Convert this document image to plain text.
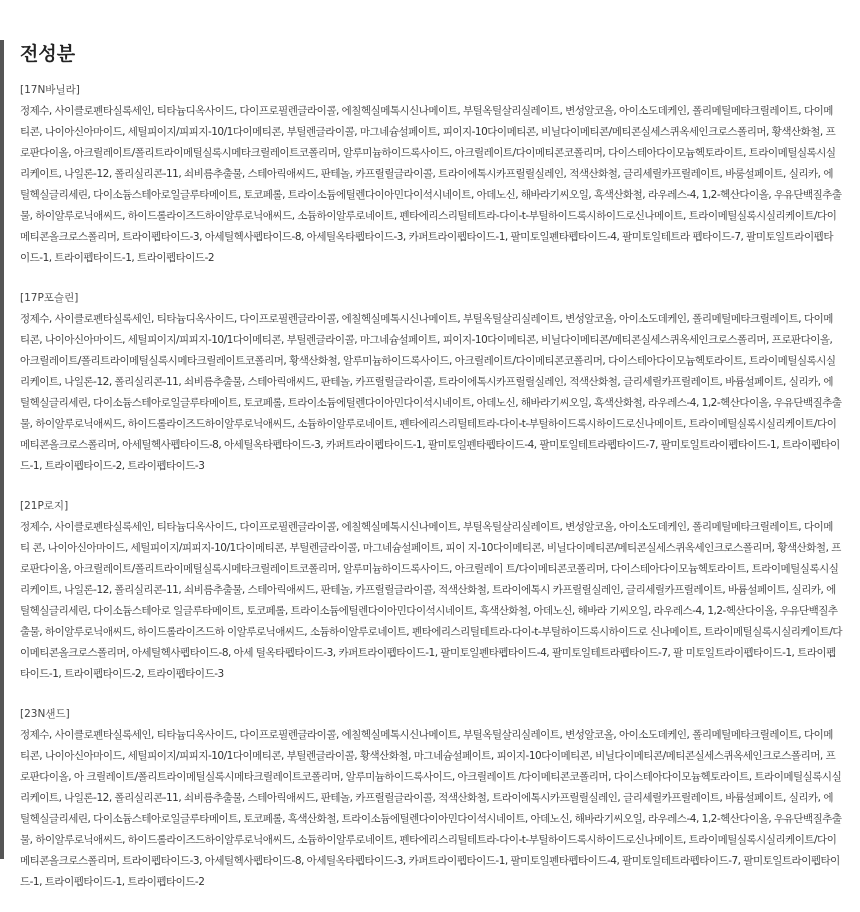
전성분

[17N바닐라]

정제수, 사이클로펜타실록세인, 티타늄디옥사이드, 다이프로필렌글라이콜, 에칠헥실메톡시신나메이트, 부틸옥틸살리실레이트, 변성알코올, 아이소도데케인, 폴리메틸메타크릴레이트, 다이메티콘, 나이아신아마이드, 세틸피이지/피피지-10/1다이메티콘, 부틸렌글라이콜, 마그네슘설페이트, 피이지-10다이메티콘, 비닐다이메티콘/메티콘실세스퀴옥세인크로스폴리머, 황색산화철, 프로판다이올, 아크릴레이트/폴리트라이메틸실록시메타크릴레이트코폴리머, 알루미늄하이드록사이드, 아크릴레이트/다이메티콘코폴리머, 다이스테아다이모늄헥토라이트, 트라이메틸실록시실리케이트, 나일론-12, 폴리실리콘-11, 쇠비름추출물, 스테아릭애씨드, 판테놀, 카프릴릴글라이콜, 트라이에톡시카프릴릴실레인, 적색산화철, 글리세릴카프릴레이트, 바룸설페이트, 실리카, 에틸헥실글리세린, 다이소듐스테아로일글루타메이트, 토코페롤, 트라이소듐에틸렌다이아민다이석시네이트, 아데노신, 해바라기씨오일, 흑색산화철, 라우레스-4, 1,2-헥산다이올, 우유단백질추출물, 하이알루로닉애씨드, 하이드롤라이즈드하이알루로닉애씨드, 소듐하이알루로네이트, 펜타에리스리틸테트라-다이-t-부틸하이드록시하이드로신나메이트, 트라이메틸실록시실리케이트/다이메티콘올크로스폴리머, 트라이펩타이드-3, 아세틸헥사펩타이드-8, 아세틸옥타펩타이드-3, 카퍼트라이펩타이드-1, 팔미토일펜타펩타이드-4, 팔미토일테트라 펩타이드-7, 팔미토일트라이펩타이드-1, 트라이펩타이드-1, 트라이펩타이드-2

[17P포슬린]

정제수, 사이클로펜타실록세인, 티타늄디옥사이드, 다이프로필렌글라이콜, 에칠헥실메톡시신나메이트, 부틸옥틸살리실레이트, 변성알코올, 아이소도데케인, 폴리메틸메타크릴레이트, 다이메티콘, 나이아신아마이드, 세틸피이지/피피지-10/1다이메티콘, 부틸렌글라이콜, 마그네슘설페이트, 피이지-10다이메티콘, 비닐다이메티콘/메티콘실세스퀴옥세인크로스폴리머, 프로판다이올, 아크릴레이트/폴리트라이메틸실록시메타크릴레이트코폴리머, 황색산화철, 알루미늄하이드록사이드, 아크릴레이트/다이메티콘코폴리머, 다이스테아다이모늄헥토라이트, 트라이메틸실록시실리케이트, 나일론-12, 폴리실리콘-11, 쇠비름추출물, 스테아릭애씨드, 판테놀, 카프릴릴글라이콜, 트라이에톡시카프릴릴실레인, 적색산화철, 글리세릴카프릴레이트, 바륨설페이트, 실리카, 에틸헥실글리세린, 다이소듐스테아로일글루타메이트, 토코페롤, 트라이소듐에틸렌다이아민다이석시네이트, 아데노신, 해바라기씨오일, 흑색산화철, 라우레스-4, 1,2-헥산다이올, 우유단백질추출물, 하이알루로닉애씨드, 하이드롤라이즈드하이알루로닉애씨드, 소듐하이알루로네이트, 펜타에리스리틸테트라-다이-t-부틸하이드록시하이드로신나메이트, 트라이메틸실록시실리케이트/다이메티콘올크로스폴리머, 아세틸헥사펩타이드-8, 아세틸옥타펩타이드-3, 카퍼트라이펩타이드-1, 팔미토일펜타펩타이드-4, 팔미토일테트라펩타이드-7, 팔미토일트라이펩타이드-1, 트라이펩타이드-1, 트라이펩타이드-2, 트라이펩타이드-3

[21P로지]

정제수, 사이클로펜타실록세인, 티타늄디옥사이드, 다이프로필렌글라이콜, 에칠헥실메톡시신나메이트, 부틸옥틸살리실레이트, 변성알코올, 아이소도데케인, 폴리메틸메타크릴레이트, 다이메티 콘, 나이아신아마이드, 세틸피이지/피피지-10/1다이메티콘, 부틸렌글라이콜, 마그네슘설페이트, 피이 지-10다이메티콘, 비닐다이메티콘/메티콘실세스퀴옥세인크로스폴리머, 황색산화철, 프로판다이올, 아크릴레이트/폴리트라이메틸실록시메타크릴레이트코폴리머, 알루미늄하이드록사이드, 아크릴레이 트/다이메티콘코폴리머, 다이스테아다이모늄헥토라이트, 트라이메틸실록시실리케이트, 나일론-12, 폴리실리콘-11, 쇠비름추출물, 스테아릭애씨드, 판테놀, 카프릴릴글라이콜, 적색산화철, 트라이에톡시 카프릴릴실레인, 글리세릴카프릴레이트, 바륨설페이트, 실리카, 에틸헥실글리세린, 다이소듐스테아로 일글루타메이트, 토코페롤, 트라이소듐에틸렌다이아민다이석시네이트, 흑색산화철, 아데노신, 해바라 기씨오일, 라우레스-4, 1,2-헥산다이올, 우유단백질추출물, 하이알루로닉애씨드, 하이드롤라이즈드하 이알루로닉애씨드, 소듐하이알루로네이트, 펜타에리스리틸테트라-다이-t-부틸하이드록시하이드로 신나메이트, 트라이메틸실록시실리케이트/다이메티콘올크로스폴리머, 아세틸헥사펩타이드-8, 아세 틸옥타펩타이드-3, 카퍼트라이펩타이드-1, 팔미토일펜타펩타이드-4, 팔미토일테트라펩타이드-7, 팔 미토일트라이펩타이드-1, 트라이펩타이드-1, 트라이펩타이드-2, 트라이펩타이드-3

[23N샌드]

정제수, 사이클로펜타실록세인, 티타늄디옥사이드, 다이프로필렌글라이콜, 에칠헥실메톡시신나메이트, 부틸옥틸살리실레이트, 변성알코올, 아이소도데케인, 폴리메틸메타크릴레이트, 다이메티콘, 나이아신아마이드, 세틸피이지/피피지-10/1다이메티콘, 부틸렌글라이콜, 황색산화철, 마그네슘설페이트, 피이지-10다이메티콘, 비닐다이메티콘/메티콘실세스퀴옥세인크로스폴리머, 프로판다이올, 아 크릴레이트/폴리트라이메틸실록시메타크릴레이트코폴리머, 알루미늄하이드록사이드, 아크릴레이트 /다이메티콘코폴리머, 다이스테아다이모늄헥토라이트, 트라이메틸실록시실리케이트, 나일론-12, 폴리실리콘-11, 쇠비름추출물, 스테아릭애씨드, 판테놀, 카프릴릴글라이콜, 적색산화철, 트라이에톡시카프릴릴실레인, 글리세릴카프릴레이트, 바륨설페이트, 실리카, 에틸헥실글리세린, 다이소듐스테아로일글루타메이트, 토코페롤, 흑색산화철, 트라이소듐에틸렌다이아민다이석시네이트, 아데노신, 해바라기씨오일, 라우레스-4, 1,2-헥산다이올, 우유단백질추출물, 하이알루로닉애씨드, 하이드롤라이즈드하이알루로닉애씨드, 소듐하이알루로네이트, 펜타에리스리틸테트라-다이-t-부틸하이드록시하이드로신나메이트, 트라이메틸실록시실리케이트/다이메티콘올크로스폴리머, 트라이펩타이드-3, 아세틸헥사펩타이드-8, 아세틸옥타펩타이드-3, 카퍼트라이펩타이드-1, 팔미토일펜타펩타이드-4, 팔미토일테트라펩타이드-7, 팔미토일트라이펩타이드-1, 트라이펩타이드-1, 트라이펩타이드-2
